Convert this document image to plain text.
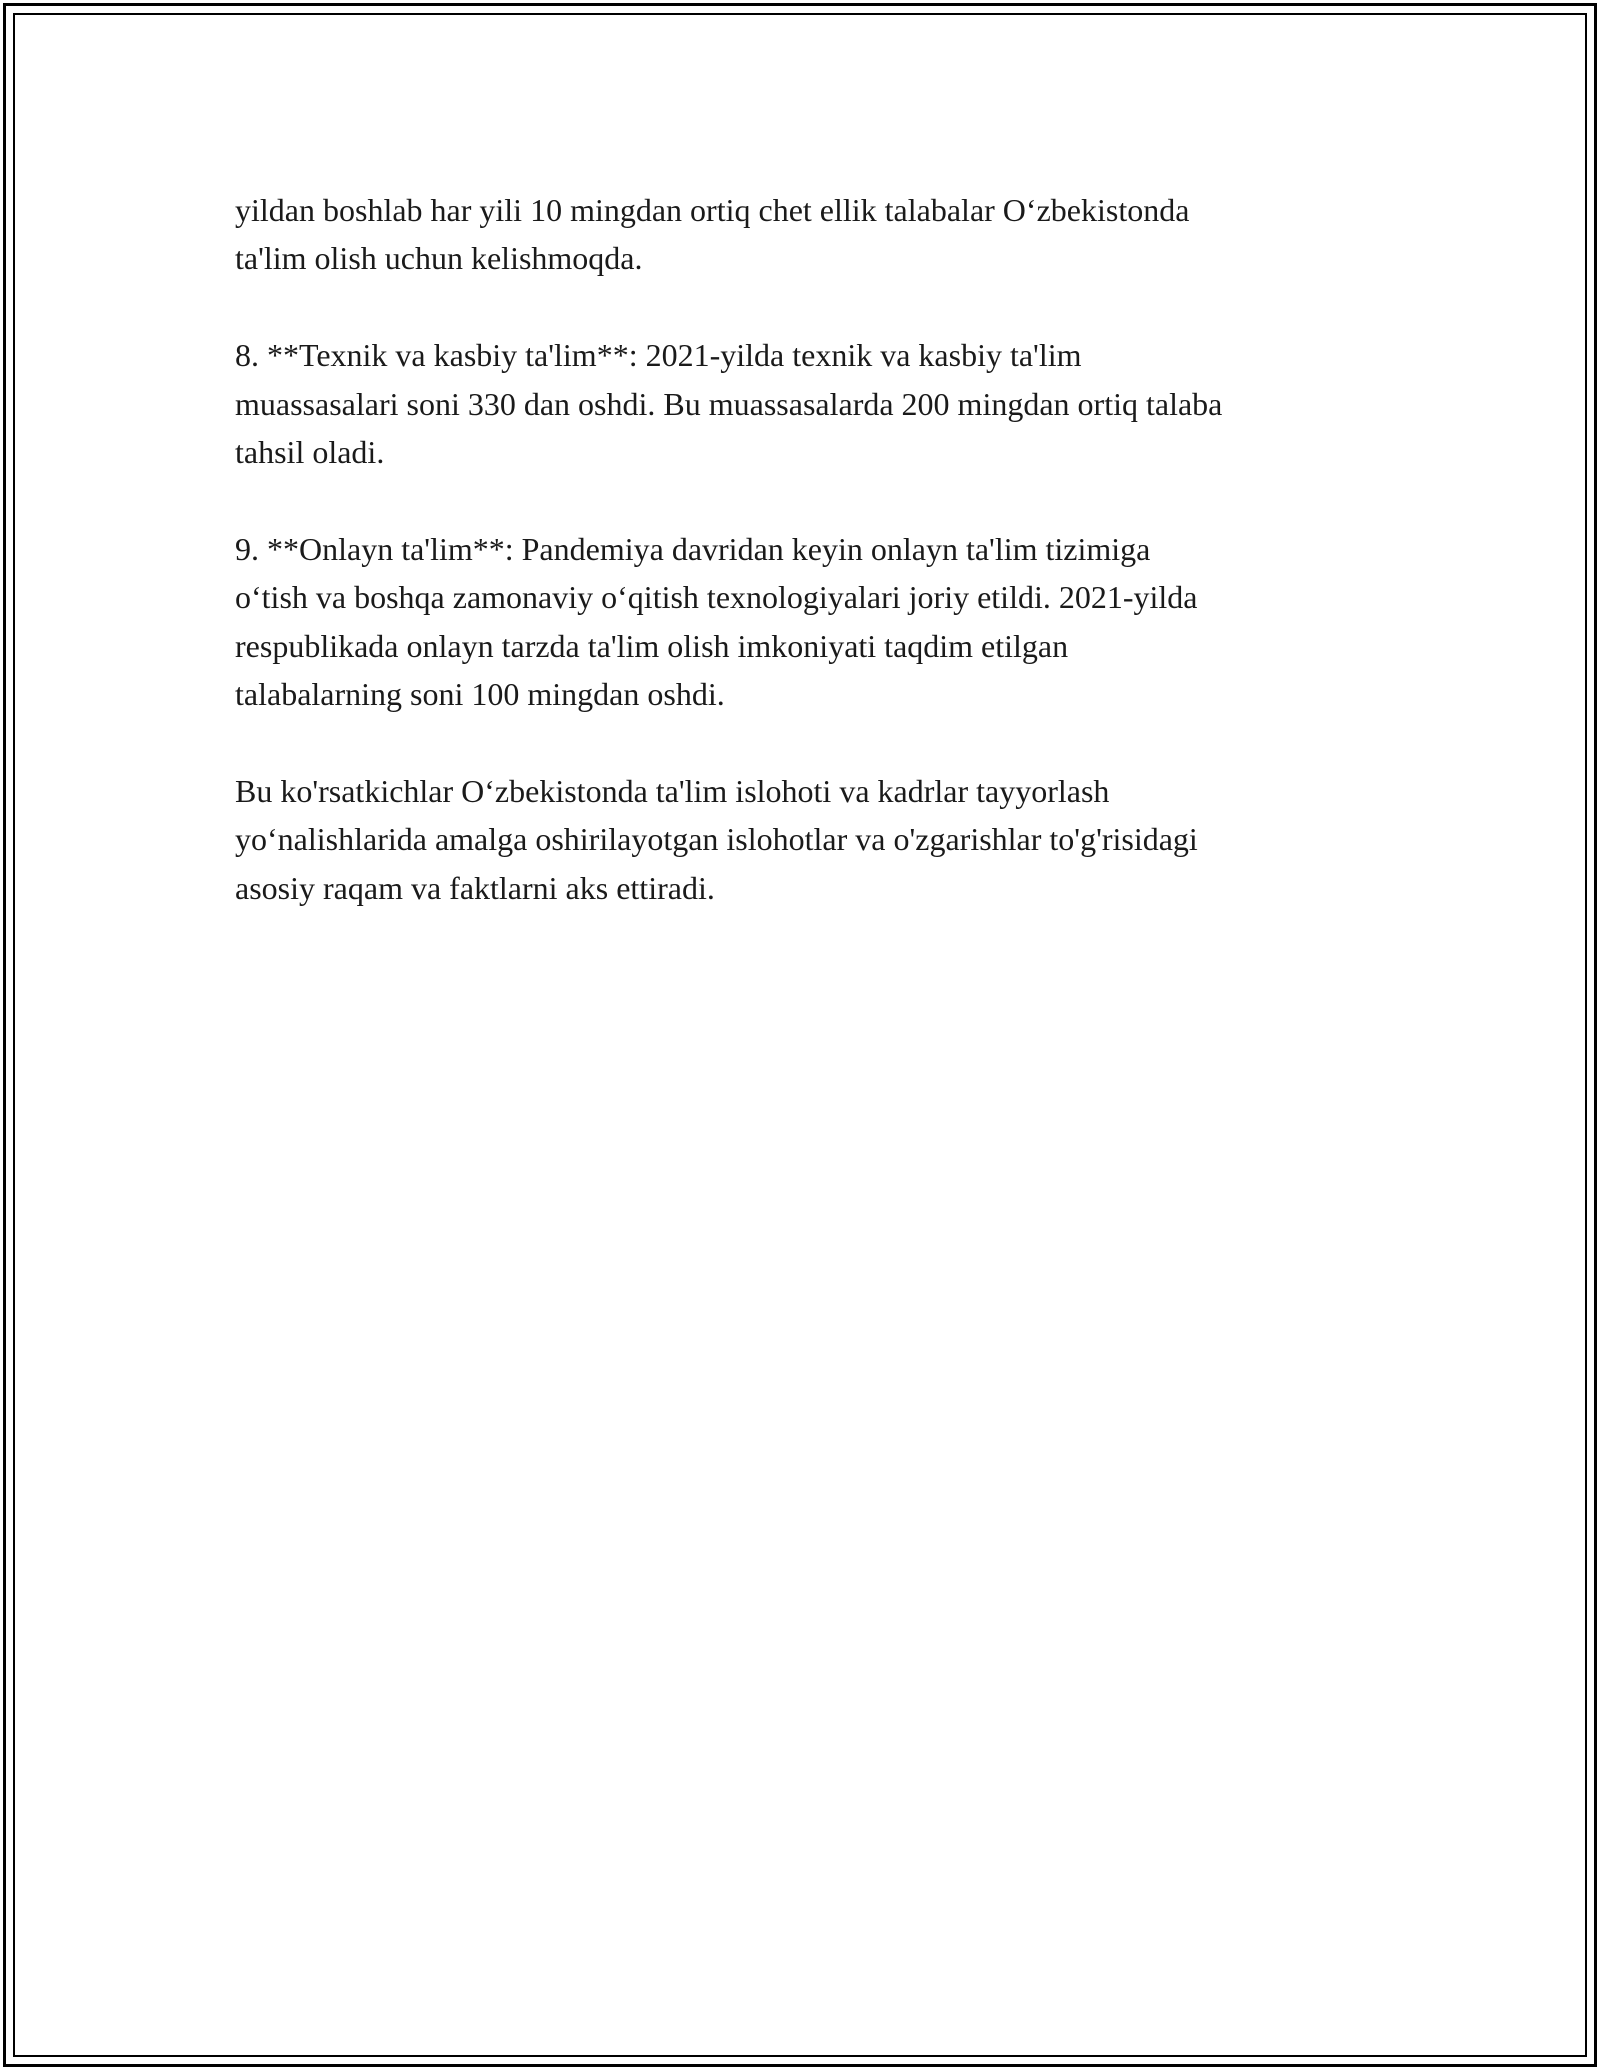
yildan boshlab har yili 10 mingdan ortiq chet ellik talabalar O‘zbekistonda
ta'lim olish uchun kelishmoqda.

8. **Texnik va kasbiy ta'lim**: 2021-yilda texnik va kasbiy ta'lim
muassasalari soni 330 dan oshdi. Bu muassasalarda 200 mingdan ortiq talaba
tahsil oladi.

9. **Onlayn ta'lim**: Pandemiya davridan keyin onlayn ta'lim tizimiga
o‘tish va boshqa zamonaviy o‘qitish texnologiyalari joriy etildi. 2021-yilda
respublikada onlayn tarzda ta'lim olish imkoniyati taqdim etilgan
talabalarning soni 100 mingdan oshdi.

Bu ko'rsatkichlar O‘zbekistonda ta'lim islohoti va kadrlar tayyorlash
yo‘nalishlarida amalga oshirilayotgan islohotlar va o'zgarishlar to'g'risidagi
asosiy raqam va faktlarni aks ettiradi.
